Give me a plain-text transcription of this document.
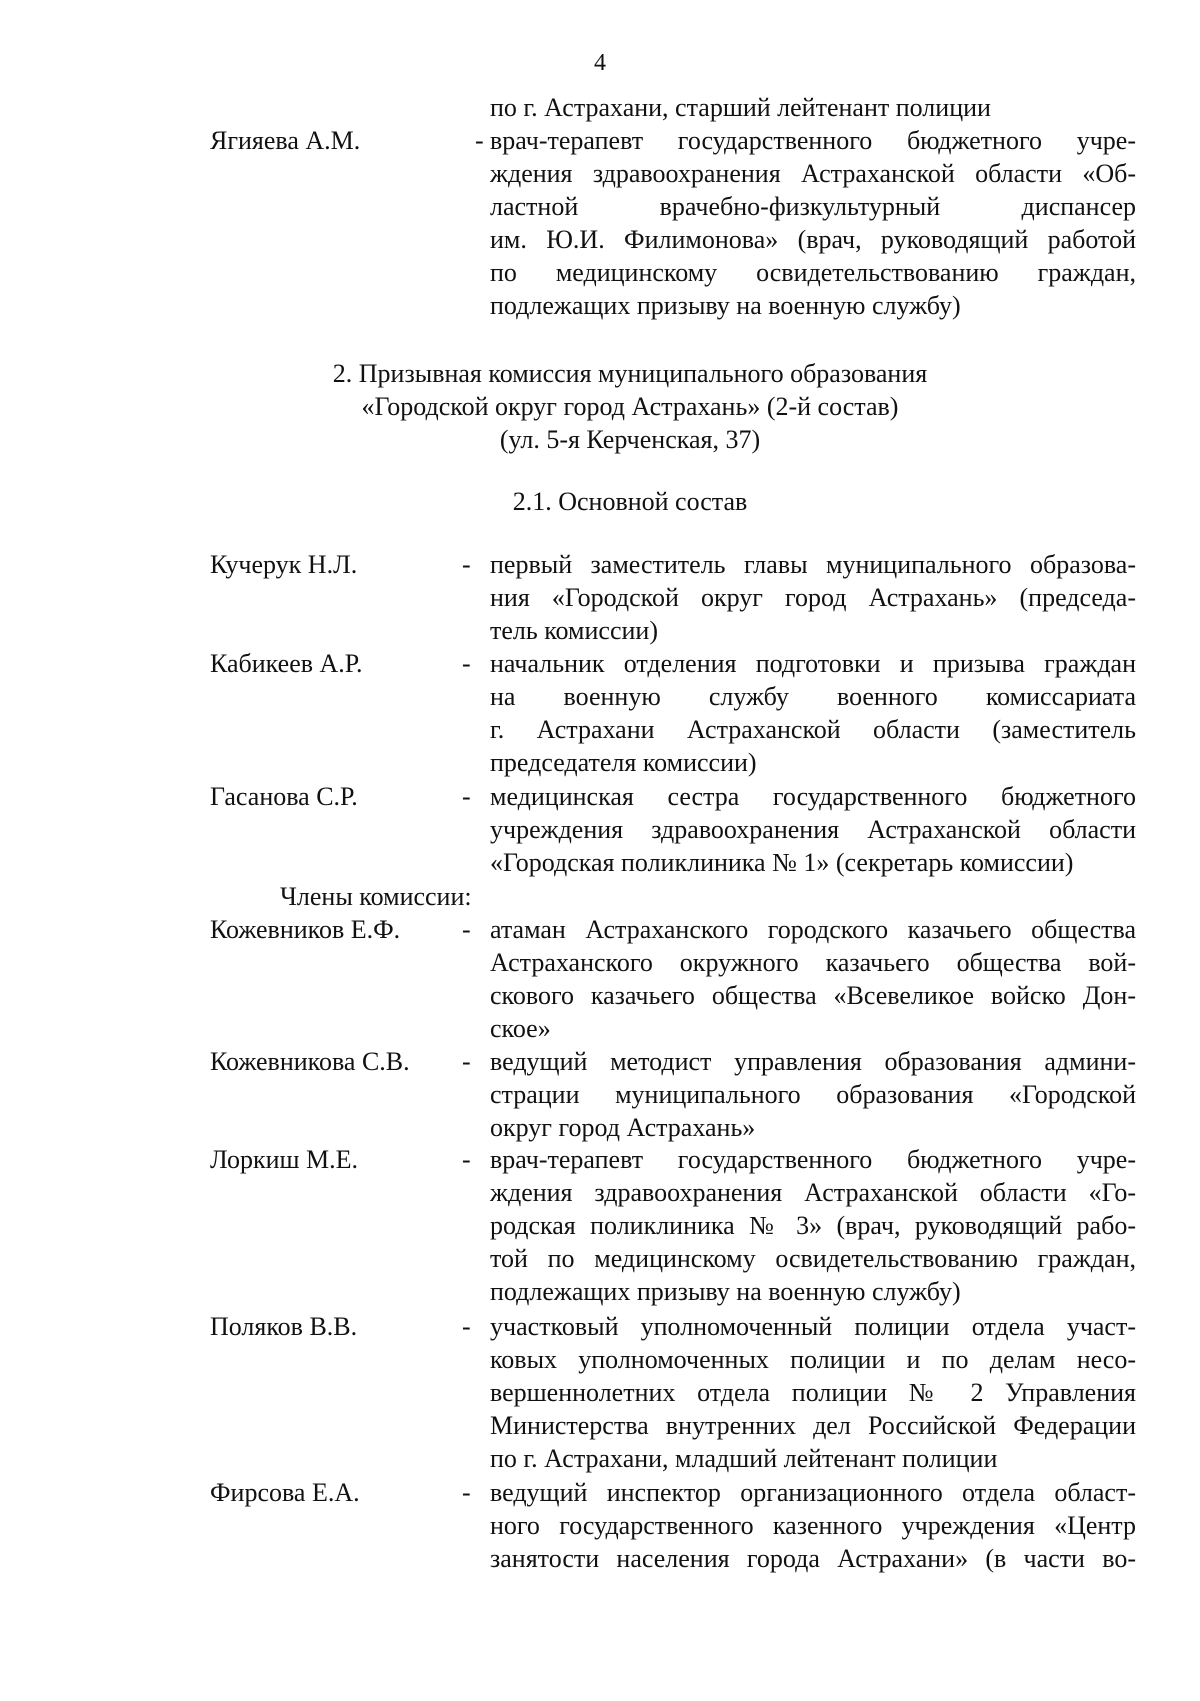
4
по г. Астрахани, старший лейтенант полиции
Ягияева А.М.	- врач-терапевт государственного бюджетного учре-
ждения здравоохранения Астраханской области «Об-
ластной врачебно-физкультурный диспансер
им. Ю.И. Филимонова» (врач, руководящий работой
по медицинскому освидетельствованию граждан,
подлежащих призыву на военную службу)
2. Призывная комиссия муниципального образования
«Городской округ город Астрахань» (2-й состав)
(ул. 5-я Керченская, 37)
2.1. Основной состав
Кучерук Н.Л.	- первый заместитель главы муниципального образова-
ния «Городской округ город Астрахань» (председа-
тель комиссии)
Кабикеев А.Р.	- начальник отделения подготовки и призыва граждан
на военную службу военного комиссариата
г. Астрахани Астраханской области (заместитель
председателя комиссии)
Гасанова С.Р.	- медицинская сестра государственного бюджетного
учреждения здравоохранения Астраханской области
«Городская поликлиника № 1» (секретарь комиссии)
Члены комиссии:
Кожевников Е.Ф. - атаман Астраханского городского казачьего общества
Астраханского окружного казачьего общества вой-
скового казачьего общества «Всевеликое войско Дон-
ское»
Кожевникова С.В. - ведущий методист управления образования админи-
страции муниципального образования «Городской
округ город Астрахань»
Лоркиш М.Е.	- врач-терапевт государственного бюджетного учре-
ждения здравоохранения Астраханской области «Го-
родская поликлиника № 3» (врач, руководящий рабо-
той по медицинскому освидетельствованию граждан,
подлежащих призыву на военную службу)
Поляков В.В.	- участковый уполномоченный полиции отдела участ-
ковых уполномоченных полиции и по делам несо-
вершеннолетних отдела полиции № 2 Управления
Министерства внутренних дел Российской Федерации
по г. Астрахани, младший лейтенант полиции
Фирсова Е.А.	- ведущий инспектор организационного отдела област-
ного государственного казенного учреждения «Центр
занятости населения города Астрахани» (в части во-
